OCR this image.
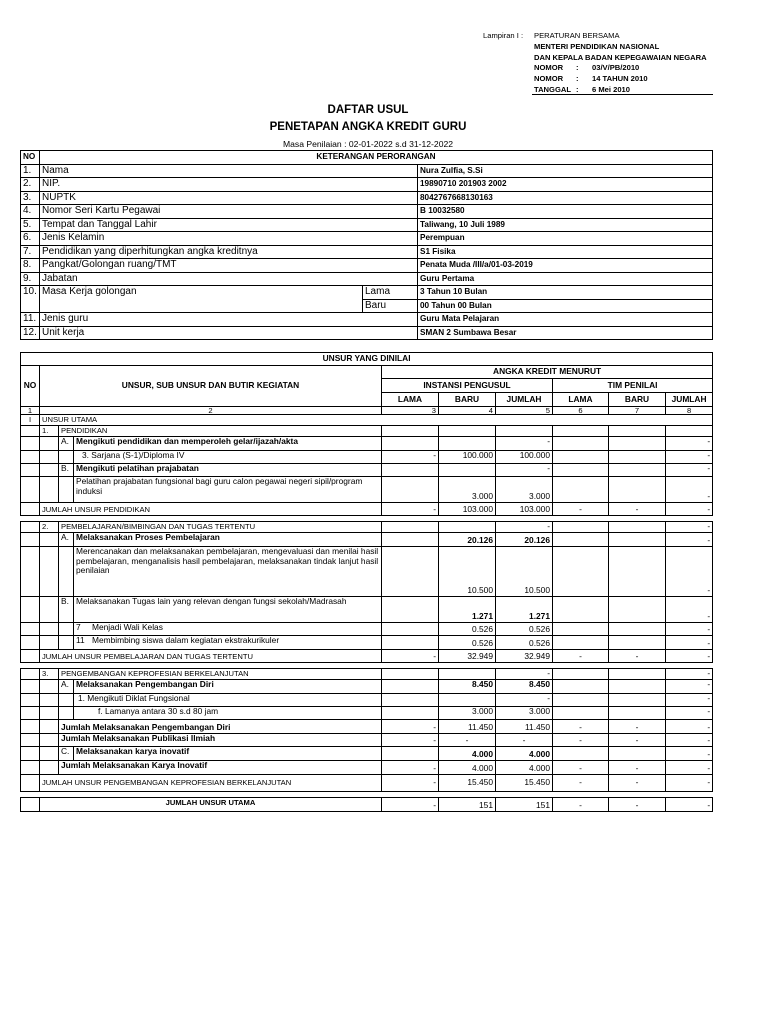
Lampiran I :	PERATURAN BERSAMA
MENTERI PENDIDIKAN NASIONAL
DAN KEPALA BADAN KEPEGAWAIAN NEGARA
NOMOR	:	03/V/PB/2010
NOMOR	:	14 TAHUN 2010
TANGGAL :	6 Mei 2010
DAFTAR USUL
PENETAPAN ANGKA KREDIT GURU
Masa Penilaian : 02-01-2022 s.d 31-12-2022
NO	KETERANGAN PERORANGAN		
1.	Nama		Nura Zulfia, S.Si
2.	NIP.		19890710 201903 2002
3.	NUPTK		8042767668130163
4.	Nomor Seri Kartu Pegawai		B 10032580
5.	Tempat dan Tanggal Lahir		Taliwang, 10 Juli 1989
6.	Jenis Kelamin		Perempuan
7.	Pendidikan yang diperhitungkan angka kreditnya		S1 Fisika
8.	Pangkat/Golongan ruang/TMT		Penata Muda /III/a/01-03-2019
9.	Jabatan		Guru Pertama
10.	Masa Kerja golongan	Lama	3 Tahun 10 Bulan
		Baru	00 Tahun 00 Bulan
11.	Jenis guru		Guru Mata Pelajaran
12.	Unit kerja		SMAN 2 Sumbawa Besar
UNSUR YANG DINILAI									
NO	UNSUR, SUB UNSUR DAN BUTIR KEGIATAN			ANGKA KREDIT MENURUT					
				INSTANSI PENGUSUL			TIM PENILAI		
				LAMA	BARU	JUMLAH	LAMA	BARU	JUMLAH
1	2			3	4	5	6	7	8
I	UNSUR UTAMA								
	1.	PENDIDIKAN							
		A.	Mengikuti pendidikan dan memperoleh gelar/ijazah/akta			-			-
			3. Sarjana (S-1)/Diploma IV	-	100.000	100.000			-
		B.	Mengikuti pelatihan prajabatan			-			-
			Pelatihan prajabatan fungsional bagi guru calon pegawai negeri sipil/program induksi		3.000	3.000			-
	JUMLAH UNSUR PENDIDIKAN			-	103.000	103.000	-	-	-

	2.	PEMBELAJARAN/BIMBINGAN DAN TUGAS TERTENTU				-			-
		A.	Melaksanakan Proses Pembelajaran		20.126	20.126			-
			Merencanakan dan melaksanakan pembelajaran, mengevaluasi dan menilai hasil pembelajaran, menganalisis hasil pembelajaran, melaksanakan tindak lanjut hasil penilaian		10.500	10.500			-
		B.	Melaksanakan Tugas lain yang relevan dengan fungsi sekolah/Madrasah		1.271	1.271			-
			7 Menjadi Wali Kelas		0.526	0.526			-
			11 Membimbing siswa dalam kegiatan ekstrakurikuler		0.526	0.526			-
	JUMLAH UNSUR PEMBELAJARAN DAN TUGAS TERTENTU			-	32.949	32.949	-	-	-

	3.	PENGEMBANGAN KEPROFESIAN BERKELANJUTAN				-			-
		A.	Melaksanakan Pengembangan Diri		8.450	8.450			-
			1. Mengikuti Diklat Fungsional			-			-
			f. Lamanya antara 30 s.d 80 jam		3.000	3.000			-
		Jumlah Melaksanakan Pengembangan Diri		-	11.450	11.450	-	-	-
		Jumlah Melaksanakan Publikasi Ilmiah		-	-	-	-	-	-
		C.	Melaksanakan karya inovatif		4.000	4.000			-
		Jumlah Melaksanakan Karya Inovatif		-	4.000	4.000	-	-	-
	JUMLAH UNSUR PENGEMBANGAN KEPROFESIAN BERKELANJUTAN			-	15.450	15.450	-	-	-

	JUMLAH UNSUR UTAMA			-	151	151	-	-	-
